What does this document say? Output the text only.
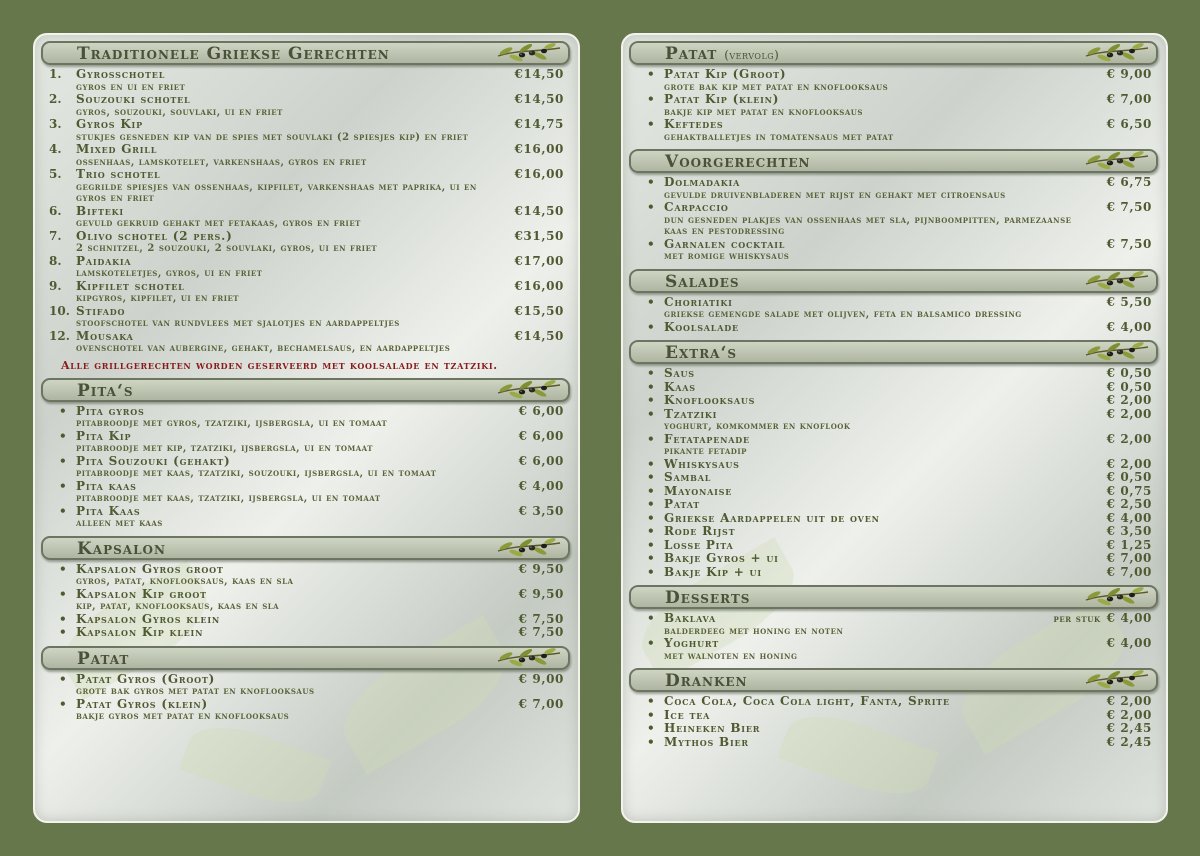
Traditionele Griekse Gerechten
1. Gyrosschotel
gyros en ui en friet
€14,50
2. Souzouki schotel
gyros, souzouki, souvlaki, ui en friet
€14,50
3. Gyros Kip
stukjes gesneden kip van de spies met souvlaki (2 spiesjes kip) en friet
€14,75
4. Mixed Grill
ossenhaas, lamskotelet, varkenshaas, gyros en friet
€16,00
5. Trio schotel
gegrilde spiesjes van ossenhaas, kipfilet, varkenshaas met paprika, ui en gyros en friet
€16,00
6. Bifteki
gevuld gekruid gehakt met fetakaas, gyros en friet
€14,50
7. Olivo schotel (2 pers.)
2 schnitzel, 2 souzouki, 2 souvlaki, gyros, ui en friet
€31,50
8. Paidakia
lamskoteletjes, gyros, ui en friet
€17,00
9. Kipfilet schotel
kipgyros, kipfilet, ui en friet
€16,00
10. Stifado
stoofschotel van rundvlees met sjalotjes en aardappeltjes
€15,50
12. Mousaka
ovenschotel van aubergine, gehakt, bechamelsaus, en aardappeltjes
€14,50
Alle grillgerechten worden geserveerd met koolsalade en tzatziki.
Pita‘s
• Pita gyros
pitabroodje met gyros, tzatziki, ijsbergsla, ui en tomaat
€ 6,00
• Pita Kip
pitabroodje met kip, tzatziki, ijsbergsla, ui en tomaat
€ 6,00
• Pita Souzouki (gehakt)
pitabroodje met kaas, tzatziki, souzouki, ijsbergsla, ui en tomaat
€ 6,00
• Pita kaas
pitabroodje met kaas, tzatziki, ijsbergsla, ui en tomaat
€ 4,00
• Pita Kaas
alleen met kaas
€ 3,50
Kapsalon
• Kapsalon Gyros groot
gyros, patat, knoflooksaus, kaas en sla
€ 9,50
• Kapsalon Kip groot
kip, patat, knoflooksaus, kaas en sla
€ 9,50
• Kapsalon Gyros klein	€ 7,50
• Kapsalon Kip klein	€ 7,50
Patat
• Patat Gyros (Groot)
grote bak gyros met patat en knoflooksaus
€ 9,00
• Patat Gyros (klein)
bakje gyros met patat en knoflooksaus
€ 7,00
Patat (vervolg)
• Patat Kip (Groot)
grote bak kip met patat en knoflooksaus
€ 9,00
• Patat Kip (klein)
bakje kip met patat en knoflooksaus
€ 7,00
• Keftedes
gehaktballetjes in tomatensaus met patat
€ 6,50
Voorgerechten
• Dolmadakia
gevulde druivenbladeren met rijst en gehakt met citroensaus
€ 6,75
• Carpaccio
dun gesneden plakjes van ossenhaas met sla, pijnboompitten, parmezaanse kaas en pestodressing
€ 7,50
• Garnalen cocktail
met romige whiskysaus
€ 7,50
Salades
• Choriatiki
griekse gemengde salade met olijven, feta en balsamico dressing
€ 5,50
• Koolsalade	€ 4,00
Extra‘s
• Saus	€ 0,50
• Kaas	€ 0,50
• Knoflooksaus	€ 2,00
• Tzatziki
yoghurt, komkommer en knoflook
€ 2,00
• Fetatapenade
pikante fetadip
€ 2,00
• Whiskysaus	€ 2,00
• Sambal	€ 0,50
• Mayonaise	€ 0,75
• Patat	€ 2,50
• Griekse Aardappelen uit de oven	€ 4,00
• Rode Rijst	€ 3,50
• Losse Pita	€ 1,25
• Bakje Gyros + ui	€ 7,00
• Bakje Kip + ui	€ 7,00
Desserts
• Baklava
balderdeeg met honing en noten
per stuk € 4,00
• Yoghurt
met walnoten en honing
€ 4,00
Dranken
• Coca Cola, Coca Cola light, Fanta, Sprite	€ 2,00
• Ice tea	€ 2,00
• Heineken Bier	€ 2,45
• Mythos Bier	€ 2,45
